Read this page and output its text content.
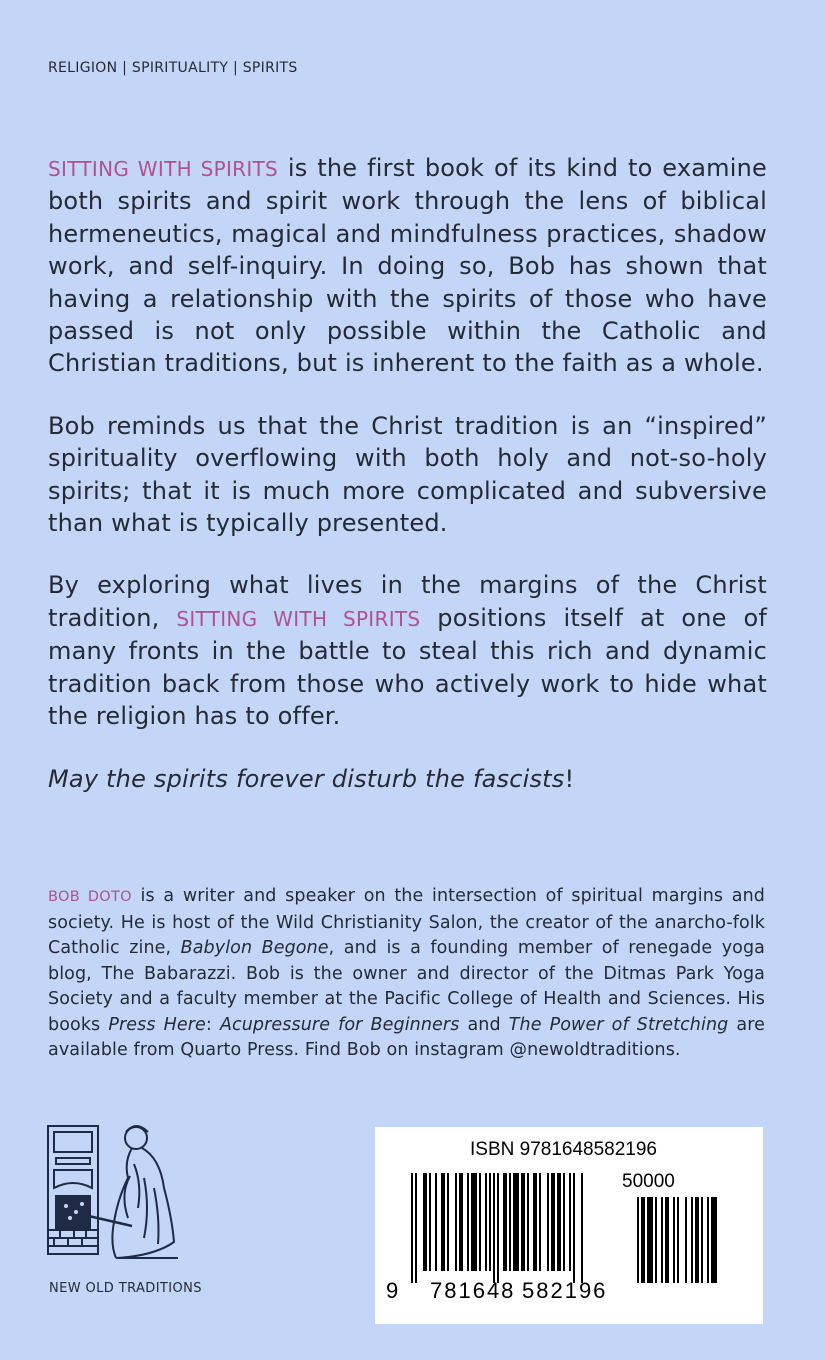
RELIGION | SPIRITUALITY | SPIRITS

SITTING WITH SPIRITS is the first book of its kind to examine both spirits and spirit work through the lens of biblical hermeneutics, magical and mindfulness practices, shadow work, and self-inquiry. In doing so, Bob has shown that having a relationship with the spirits of those who have passed is not only possible within the Catholic and Christian traditions, but is inherent to the faith as a whole.

Bob reminds us that the Christ tradition is an “inspired” spirituality overflowing with both holy and not-so-holy spirits; that it is much more complicated and subversive than what is typically presented.

By exploring what lives in the margins of the Christ tradition, SITTING WITH SPIRITS positions itself at one of many fronts in the battle to steal this rich and dynamic tradition back from those who actively work to hide what the religion has to offer.

May the spirits forever disturb the fascists!

BOB DOTO is a writer and speaker on the intersection of spiritual margins and society. He is host of the Wild Christianity Salon, the creator of the anarcho-folk Catholic zine, Babylon Begone, and is a founding member of renegade yoga blog, The Babarazzi. Bob is the owner and director of the Ditmas Park Yoga Society and a faculty member at the Pacific College of Health and Sciences. His books Press Here: Acupressure for Beginners and The Power of Stretching are available from Quarto Press. Find Bob on instagram @newoldtraditions.
NEW OLD TRADITIONS
ISBN 9781648582196
50000
9 781648 582196
